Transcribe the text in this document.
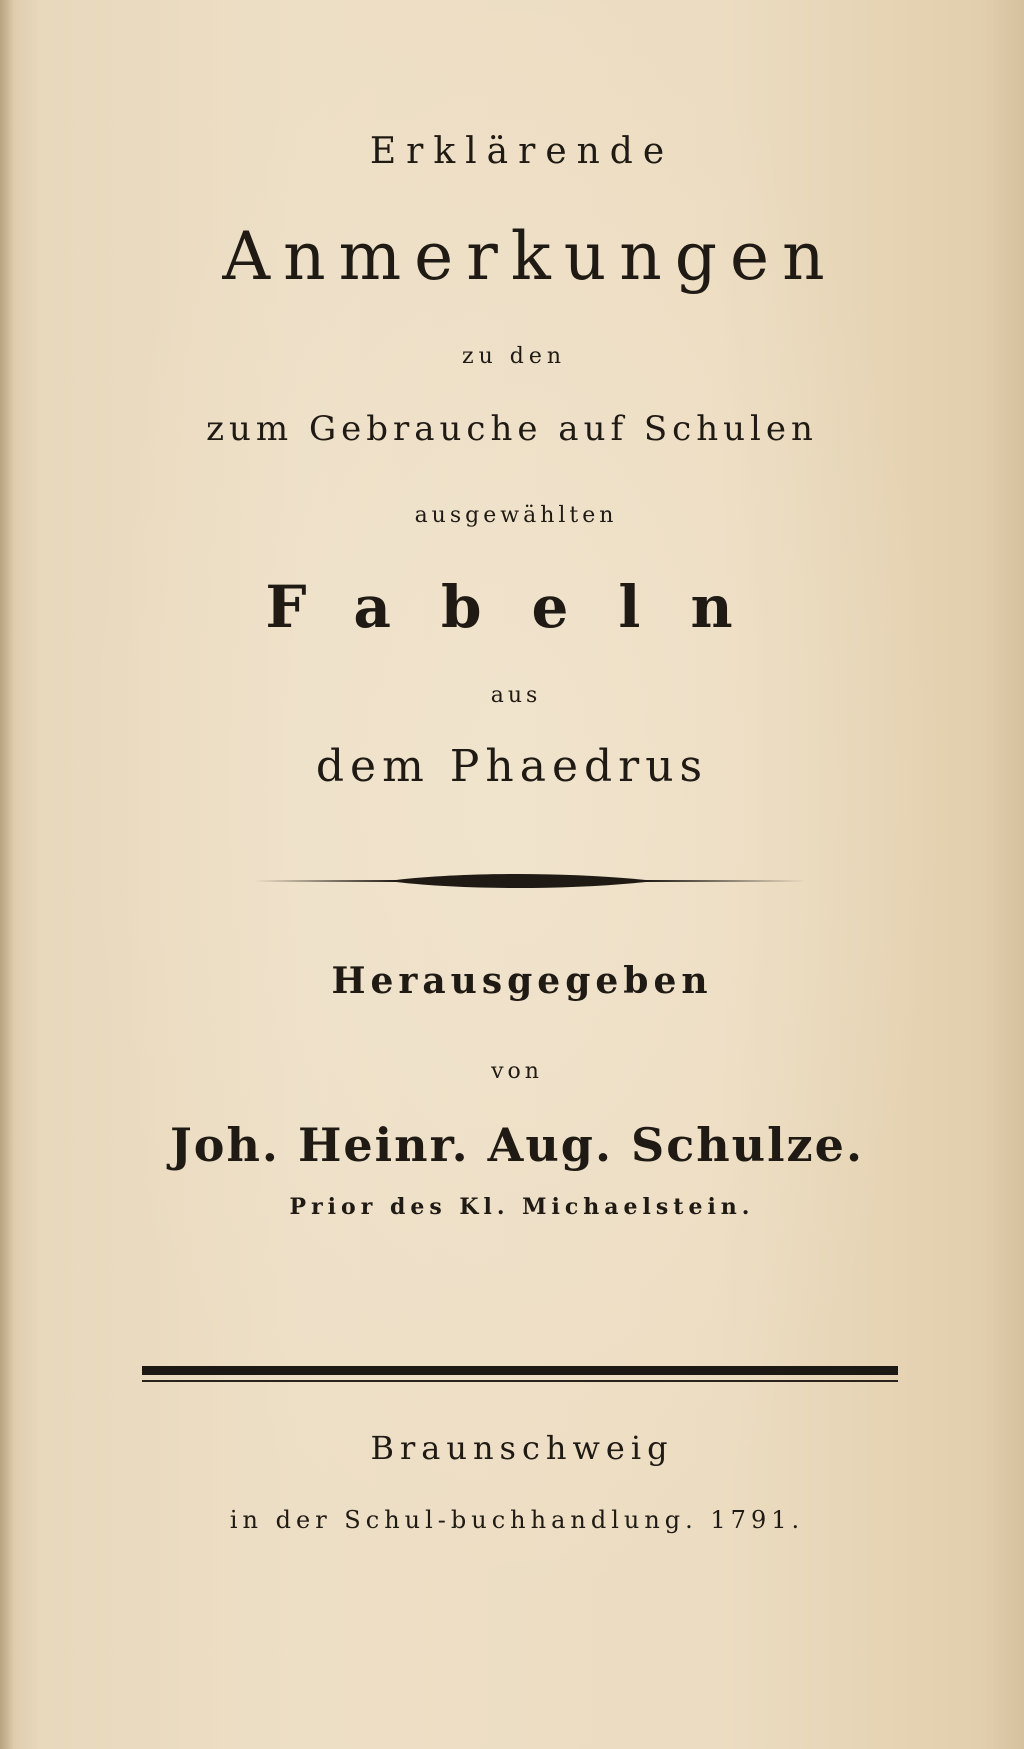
Erklärende
Anmerkungen
zu den
zum Gebrauche auf Schulen
ausgewählten
Fabeln
aus
dem Phaedrus
Herausgegeben
von
Joh. Heinr. Aug. Schulze.
Prior des Kl. Michaelstein.
Braunschweig
in der Schul-buchhandlung. 1791.
